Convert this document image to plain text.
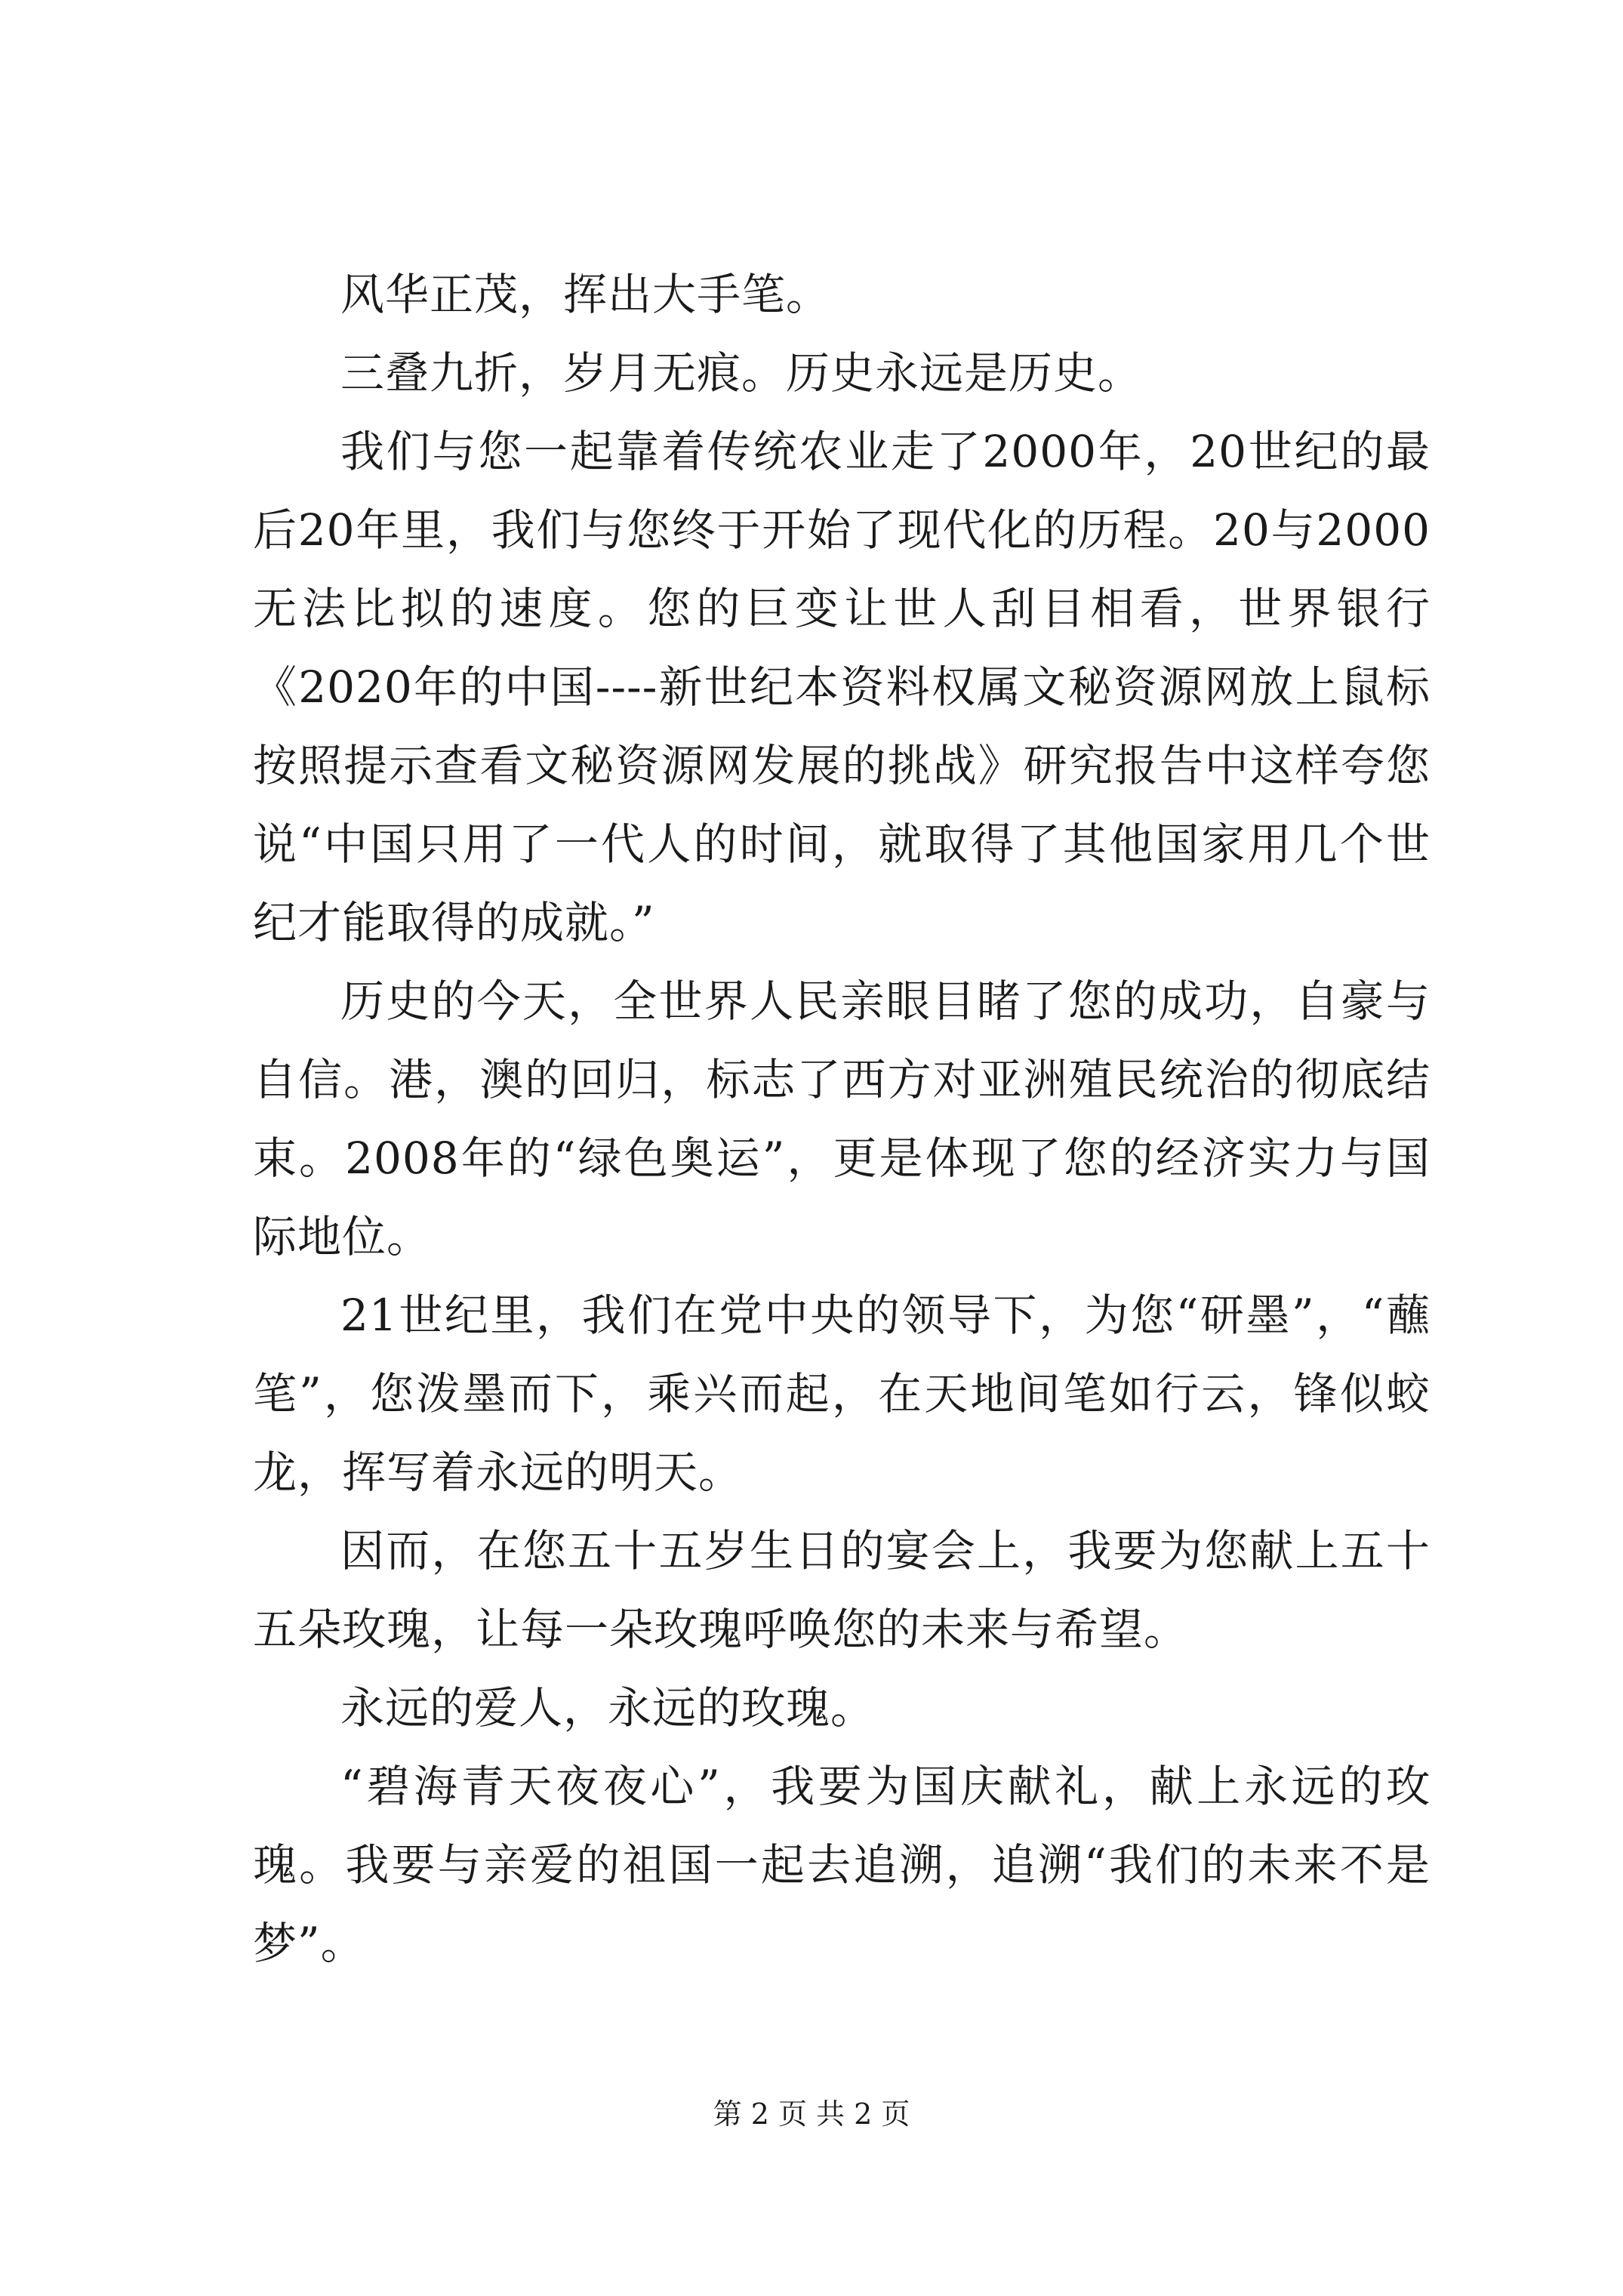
风华正茂，挥出大手笔。

三叠九折，岁月无痕。历史永远是历史。

我们与您一起靠着传统农业走了2000年，20世纪的最后20年里，我们与您终于开始了现代化的历程。20与2000无法比拟的速度。您的巨变让世人刮目相看，世界银行《2020年的中国----新世纪本资料权属文秘资源网放上鼠标按照提示查看文秘资源网发展的挑战》研究报告中这样夸您说“中国只用了一代人的时间，就取得了其他国家用几个世纪才能取得的成就。”

历史的今天，全世界人民亲眼目睹了您的成功，自豪与自信。港，澳的回归，标志了西方对亚洲殖民统治的彻底结束。2008年的“绿色奥运”，更是体现了您的经济实力与国际地位。

21世纪里，我们在党中央的领导下，为您“研墨”，“蘸笔”，您泼墨而下，乘兴而起，在天地间笔如行云，锋似蛟龙，挥写着永远的明天。

因而，在您五十五岁生日的宴会上，我要为您献上五十五朵玫瑰，让每一朵玫瑰呼唤您的未来与希望。

永远的爱人，永远的玫瑰。

“碧海青天夜夜心”，我要为国庆献礼，献上永远的玫瑰。我要与亲爱的祖国一起去追溯，追溯“我们的未来不是梦”。

第 2 页 共 2 页
